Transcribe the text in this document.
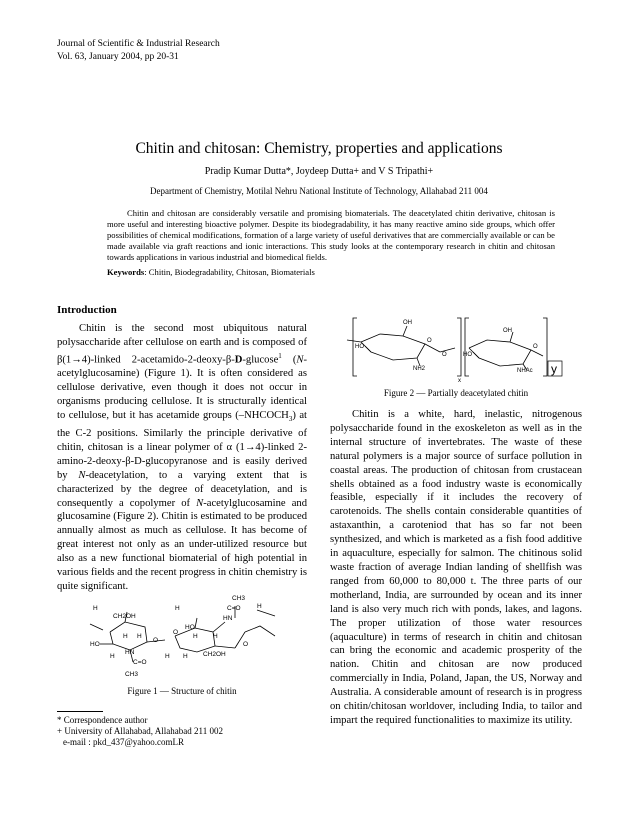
Journal of Scientific & Industrial Research
Vol. 63, January 2004, pp 20-31
Chitin and chitosan: Chemistry, properties and applications
Pradip Kumar Dutta*, Joydeep Dutta+ and V S Tripathi+
Department of Chemistry, Motilal Nehru National Institute of Technology, Allahabad 211 004

Chitin and chitosan are considerably versatile and promising biomaterials. The deacetylated chitin derivative, chitosan is more useful and interesting bioactive polymer. Despite its biodegradability, it has many reactive amino side groups, which offer possibilities of chemical modifications, formation of a large variety of useful derivatives that are commercially available or can be made available via graft reactions and ionic interactions. This study looks at the contemporary research in chitin and chitosan towards applications in various industrial and biomedical fields.

Keywords: Chitin, Biodegradability, Chitosan, Biomaterials
Introduction

Chitin is the second most ubiquitous natural polysaccharide after cellulose on earth and is composed of β(1→4)-linked 2-acetamido-2-deoxy-β-D-glucose$^1$ (N-acetylglucosamine) (Figure 1). It is often considered as cellulose derivative, even though it does not occur in organisms producing cellulose. It is structurally identical to cellulose, but it has acetamide groups $(-NHCOCH_3)$ at the C-2 positions. Similarly the principle derivative of chitin, chitosan is a linear polymer of α (1→4)-linked 2-amino-2-deoxy-β-D-glucopyranose and is easily derived by N-deacetylation, to a varying extent that is characterized by the degree of deacetylation, and is consequently a copolymer of N-acetylglucosamine and glucosamine (Figure 2). Chitin is estimated to be produced annually almost as much as cellulose. It has become of great interest not only as an under-utilized resource but also as a new functional biomaterial of high potential in various fields and the recent progress in chitin chemistry is quite significant.

CH3
C=O
HN
HO
CH2OH
CH2OH
HO
HN
C=O
CH3
H
H H
H	H
O
O
H
H H
H
O
H
Figure 1 — Structure of chitin
OH
OH
HO
HO
NH2	NHAc
O
O
O
x
y
Figure 2 — Partially deacetylated chitin

Chitin is a white, hard, inelastic, nitrogenous polysaccharide found in the exoskeleton as well as in the internal structure of invertebrates. The waste of these natural polymers is a major source of surface pollution in coastal areas. The production of chitosan from crustacean shells obtained as a food industry waste is economically feasible, especially if it includes the recovery of carotenoids. The shells contain considerable quantities of astaxanthin, a caroteniod that has so far not been synthesized, and which is marketed as a fish food additive in aquaculture, especially for salmon. The chitinous solid waste fraction of average Indian landing of shellfish was ranged from 60,000 to 80,000 t. The three parts of our motherland, India, are surrounded by ocean and its inner land is also very much rich with ponds, lakes, and lagons. The proper utilization of those water resources (aquaculture) in terms of research in chitin and chitosan can bring the economic and academic prosperity of the nation. Chitin and chitosan are now produced commercially in India, Poland, Japan, the US, Norway and Australia. A considerable amount of research is in progress on chitin/chitosan worldover, including India, to tailor and impart the required functionalities to maximize its utility.

* Correspondence author
+ University of Allahabad, Allahabad 211 002
e-mail : pkd_437@yahoo.comLR
